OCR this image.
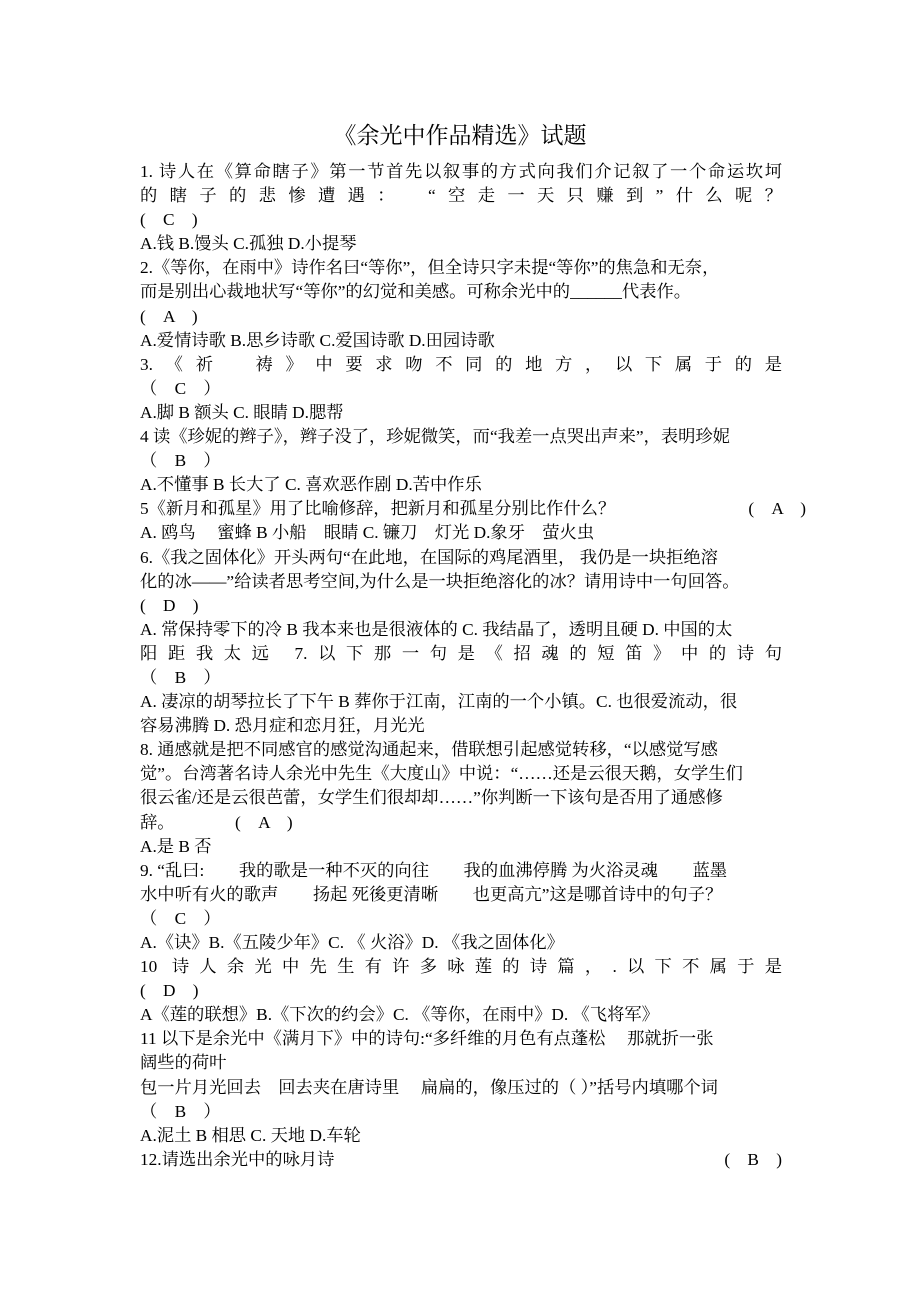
《余光中作品精选》试题
1. 诗人在《算命瞎子》第一节首先以叙事的方式向我们介记叙了一个命运坎坷
的瞎子的悲惨遭遇：　“空走一天只赚到”什么呢？
(　C　)
A.钱 B.馒头 C.孤独 D.小提琴
2.《等你，在雨中》诗作名曰“等你”，但全诗只字未提“等你”的焦急和无奈，
而是别出心裁地状写“等你”的幻觉和美感。可称余光中的______代表作。
(　A　)
A.爱情诗歌 B.思乡诗歌 C.爱国诗歌 D.田园诗歌
3.《祈　祷》中要求吻不同的地方，以下属于的是
（　C　）
A.脚 B 额头 C. 眼睛 D.腮帮
4 读《珍妮的辫子》，辫子没了，珍妮微笑，而“我差一点哭出声来”，表明珍妮
（　B　）
A.不懂事 B 长大了 C. 喜欢恶作剧 D.苦中作乐
5《新月和孤星》用了比喻修辞，把新月和孤星分别比作什么？	(　A　)
A. 鸥鸟　 蜜蜂 B 小船　眼睛 C. 镰刀　灯光 D.象牙　萤火虫
6.《我之固体化》开头两句“在此地，在国际的鸡尾酒里， 我仍是一块拒绝溶
化的冰——”给读者思考空间,为什么是一块拒绝溶化的冰？请用诗中一句回答。
(　D　)
A. 常保持零下的冷 B 我本来也是很液体的 C. 我结晶了，透明且硬 D. 中国的太
阳距我太远 7.以下那一句是《招魂的短笛》中的诗句
（　B　）
A. 凄凉的胡琴拉长了下午 B 葬你于江南，江南的一个小镇。C. 也很爱流动，很
容易沸腾 D. 恐月症和恋月狂，月光光
8. 通感就是把不同感官的感觉沟通起来，借联想引起感觉转移，“以感觉写感
觉”。台湾著名诗人余光中先生《大度山》中说：“……还是云很天鹅，女学生们
很云雀/还是云很芭蕾，女学生们很却却……”你判断一下该句是否用了通感修
辞。　　　　(　A　)
A.是 B 否
9. “乱曰:　　我的歌是一种不灭的向往　　我的血沸停腾 为火浴灵魂　　蓝墨
水中听有火的歌声　　扬起 死後更清晰　　也更高亢”这是哪首诗中的句子？
（　C　）
A.《诀》B.《五陵少年》C. 《 火浴》D. 《我之固体化》
10 诗人余光中先生有许多咏莲的诗篇，.以下不属于是
(　D　)
A《莲的联想》B.《下次的约会》C. 《等你，在雨中》D. 《飞将军》
11 以下是余光中《满月下》中的诗句:“多纤维的月色有点蓬松　 那就折一张
阔些的荷叶
包一片月光回去　回去夹在唐诗里　 扁扁的，像压过的（ ）”括号内填哪个词
（　B　）
A.泥土 B 相思 C. 天地 D.车轮
12.请选出余光中的咏月诗	(　B　)
